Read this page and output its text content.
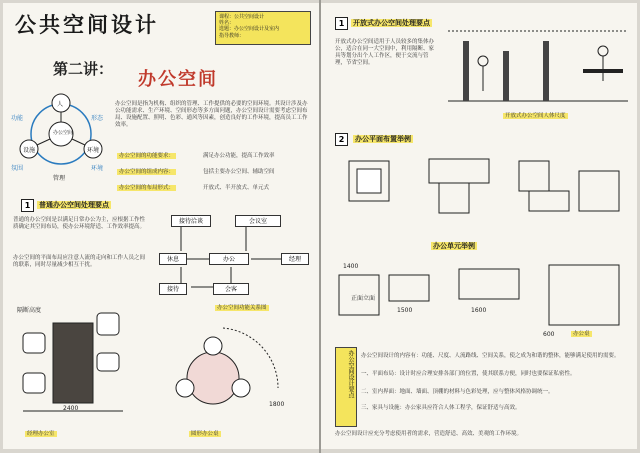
公共空间设计	课程：公共空间设计
姓名：
选题：办公空间设计及室内
指导教师：
第二讲： 办公空间
办公空间
人
设施	环境
管理
功能	形态
氛围	环境
办公空间是指为机构、组织的管理、工作提供的必要的空间环境。其设计涉及办公功能需求、生产环境、空间形态等多方面问题，办公空间设计需要考虑空间布局、设施配置、照明、色彩、通风等因素，创造良好的工作环境，提高员工工作效率。
办公空间的功能要求：	满足办公功能，提高工作效率
办公空间的组成内容：	包括主要办公空间、辅助空间
办公空间的布局形式：	开放式、半开放式、单元式
1	普通办公空间处理要点
普通的办公空间是以满足日常办公为主，应根据工作性质确定其空间布局，使办公环境舒适、工作效率提高。
办公空间的平面布局应注意人流的走向和工作人员之间的联系，同时尽量减少相互干扰。
接待洽谈	会议室
休息	办公	经理
接待	会客
办公空间功能关系图
隔断高度
2400
1800
经理办公室	圆形办公桌
1	开放式办公空间处理要点
开放式办公空间适用于人员较多的集体办公，适合在同一大空间中，利用隔断、家具等划分出个人工作区，便于交流与管理，节省空间。
开放式办公空间人体尺度
2	办公平面布置举例
办公单元举例
1400
1500	1600
正面立面
600	办公桌
办公空间设计要点	办公空间设计的内容有：功能、尺度、人流路线、空间关系，使之成为和谐的整体，能够满足使用的需要。
一、平面布局：设计时应合理安排各部门的位置，使其联系方便，同时也要保证私密性。
二、室内界面：地面、墙面、顶棚的材料与色彩处理，应与整体风格协调统一。
三、家具与设施：办公家具应符合人体工程学，保证舒适与高效。
办公空间设计应充分考虑使用者的需求，营造舒适、高效、美观的工作环境。
